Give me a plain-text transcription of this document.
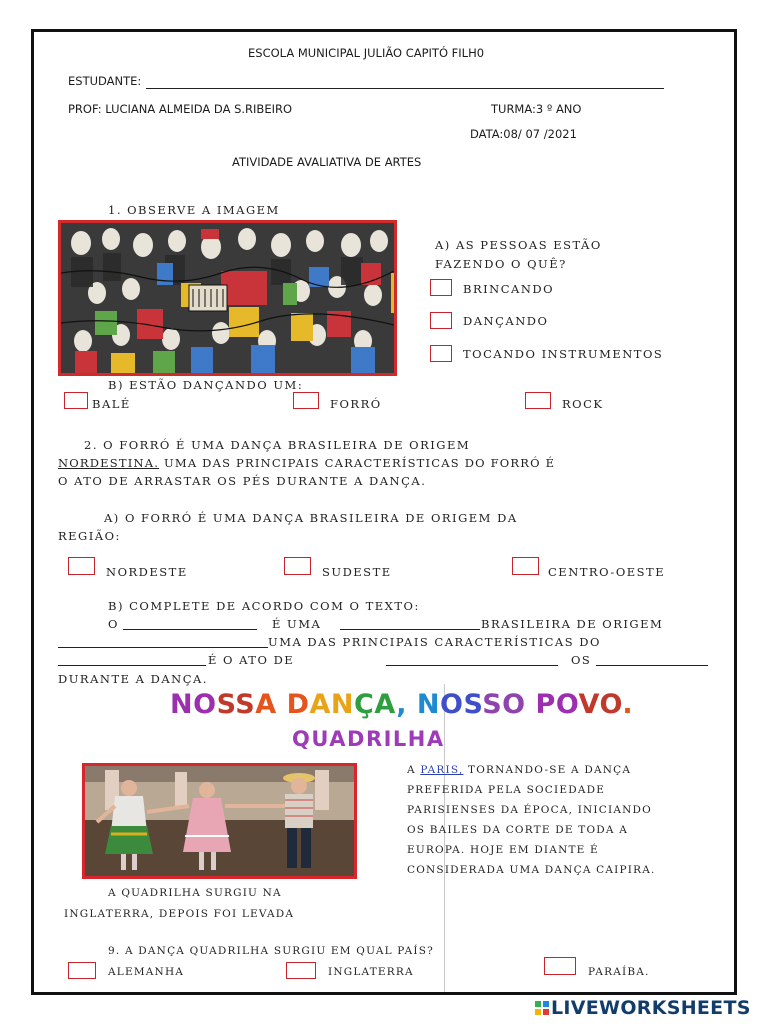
ESCOLA MUNICIPAL JULIÃO CAPITÓ FILH0
ESTUDANTE:
PROF: LUCIANA ALMEIDA DA S.RIBEIRO	TURMA:3 º ANO
DATA:08/ 07 /2021
ATIVIDADE AVALIATIVA DE ARTES
1. OBSERVE A IMAGEM
A) AS PESSOAS ESTÃO
FAZENDO O QUÊ?
BRINCANDO
DANÇANDO
TOCANDO INSTRUMENTOS
B) ESTÃO DANÇANDO UM:
BALÉ	FORRÓ	ROCK
2. O FORRÓ É UMA DANÇA BRASILEIRA DE ORIGEM
NORDESTINA. UMA DAS PRINCIPAIS CARACTERÍSTICAS DO FORRÓ É
O ATO DE ARRASTAR OS PÉS DURANTE A DANÇA.
A) O FORRÓ É UMA DANÇA BRASILEIRA DE ORIGEM DA
REGIÃO:
NORDESTE	SUDESTE	CENTRO-OESTE
B) COMPLETE DE ACORDO COM O TEXTO:
O	É UMA	BRASILEIRA DE ORIGEM
UMA DAS PRINCIPAIS CARACTERÍSTICAS DO
É O ATO DE	OS
DURANTE A DANÇA.
NOSSA DANÇA, NOSSO POVO.
QUADRILHA
A PARIS, TORNANDO-SE A DANÇA
PREFERIDA PELA SOCIEDADE
PARISIENSES DA ÉPOCA, INICIANDO
OS BAILES DA CORTE DE TODA A
EUROPA. HOJE EM DIANTE É
CONSIDERADA UMA DANÇA CAIPIRA.
A QUADRILHA SURGIU NA
INGLATERRA, DEPOIS FOI LEVADA
9. A DANÇA QUADRILHA SURGIU EM QUAL PAÍS?
ALEMANHA	INGLATERRA	PARAÍBA.
LIVEWORKSHEETS
